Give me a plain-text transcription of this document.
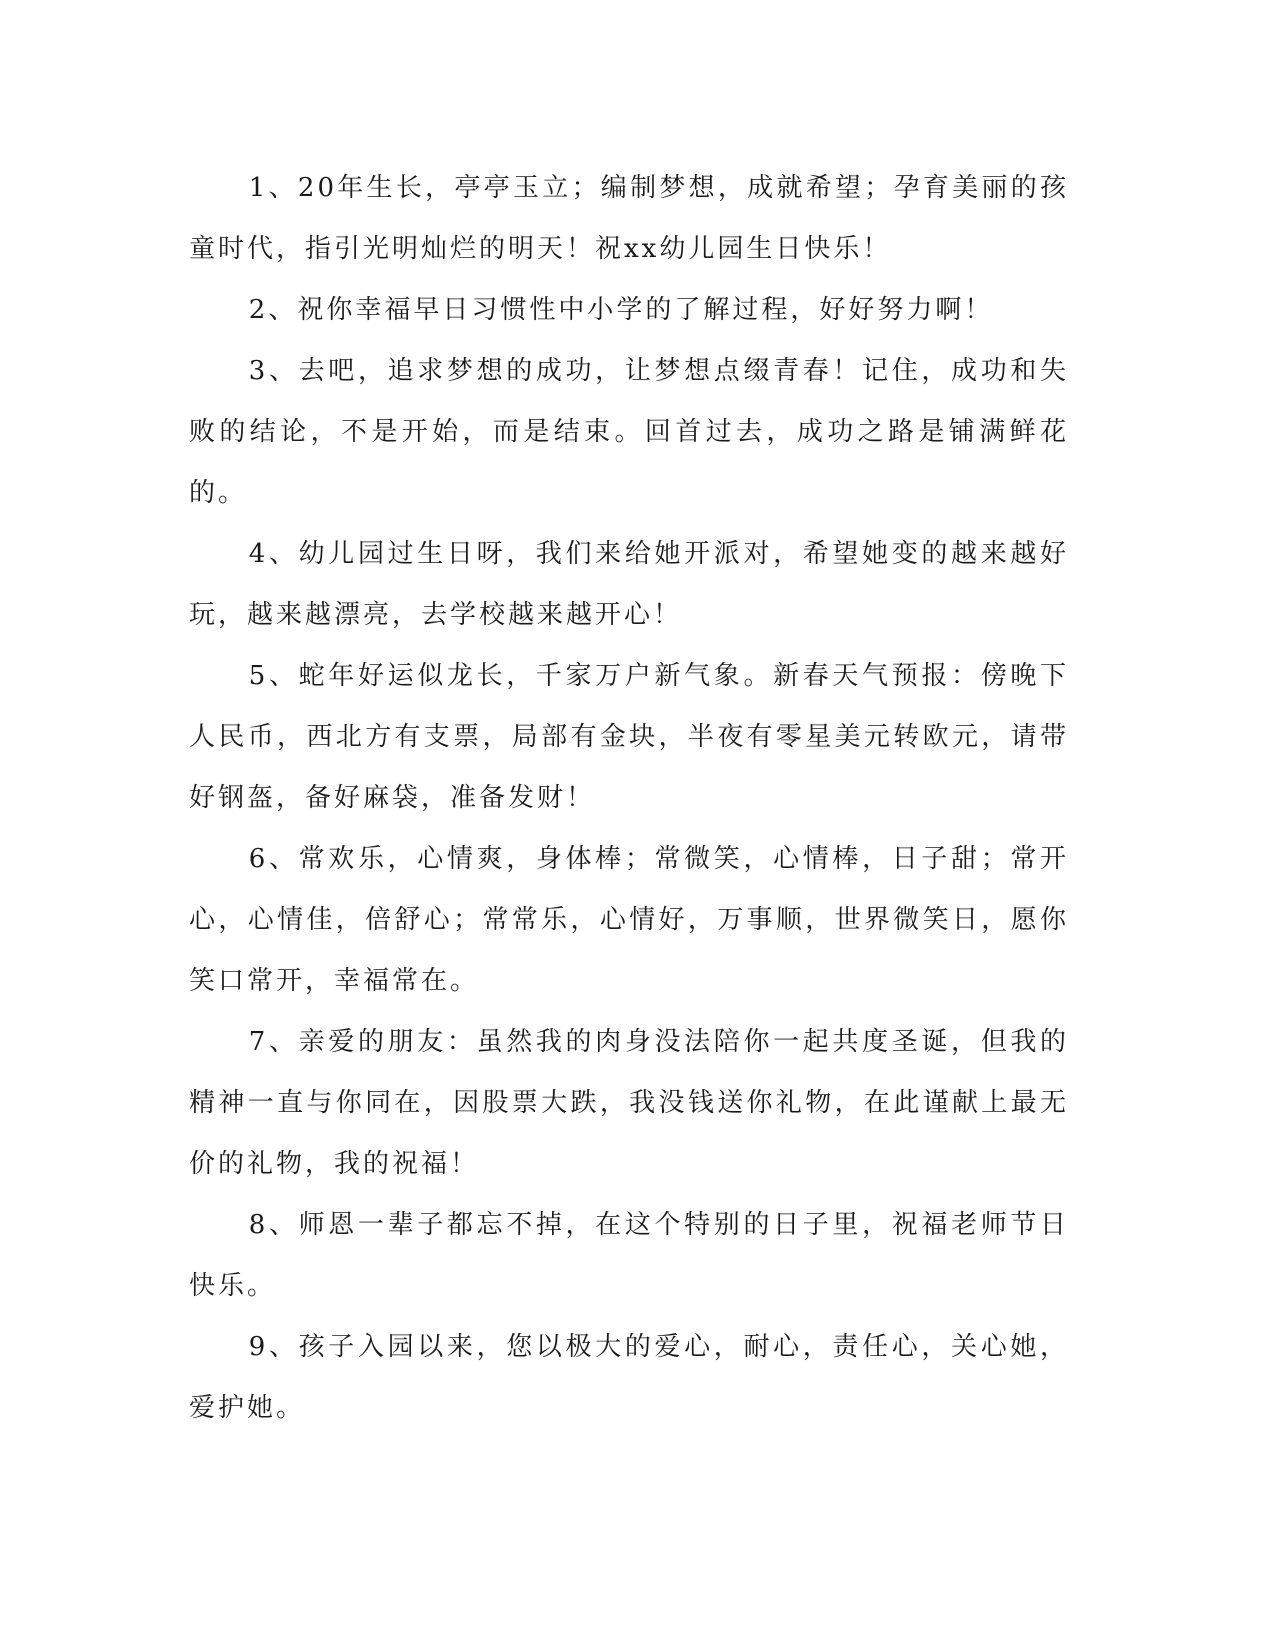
1、20年生长，亭亭玉立；编制梦想，成就希望；孕育美丽的孩童时代，指引光明灿烂的明天！祝xx幼儿园生日快乐！

2、祝你幸福早日习惯性中小学的了解过程，好好努力啊！

3、去吧，追求梦想的成功，让梦想点缀青春！记住，成功和失败的结论，不是开始，而是结束。回首过去，成功之路是铺满鲜花的。

4、幼儿园过生日呀，我们来给她开派对，希望她变的越来越好玩，越来越漂亮，去学校越来越开心！

5、蛇年好运似龙长，千家万户新气象。新春天气预报：傍晚下人民币，西北方有支票，局部有金块，半夜有零星美元转欧元，请带好钢盔，备好麻袋，准备发财！

6、常欢乐，心情爽，身体棒；常微笑，心情棒，日子甜；常开心，心情佳，倍舒心；常常乐，心情好，万事顺，世界微笑日，愿你笑口常开，幸福常在。

7、亲爱的朋友：虽然我的肉身没法陪你一起共度圣诞，但我的精神一直与你同在，因股票大跌，我没钱送你礼物，在此谨献上最无价的礼物，我的祝福！

8、师恩一辈子都忘不掉，在这个特别的日子里，祝福老师节日快乐。

9、孩子入园以来，您以极大的爱心，耐心，责任心，关心她，爱护她。
